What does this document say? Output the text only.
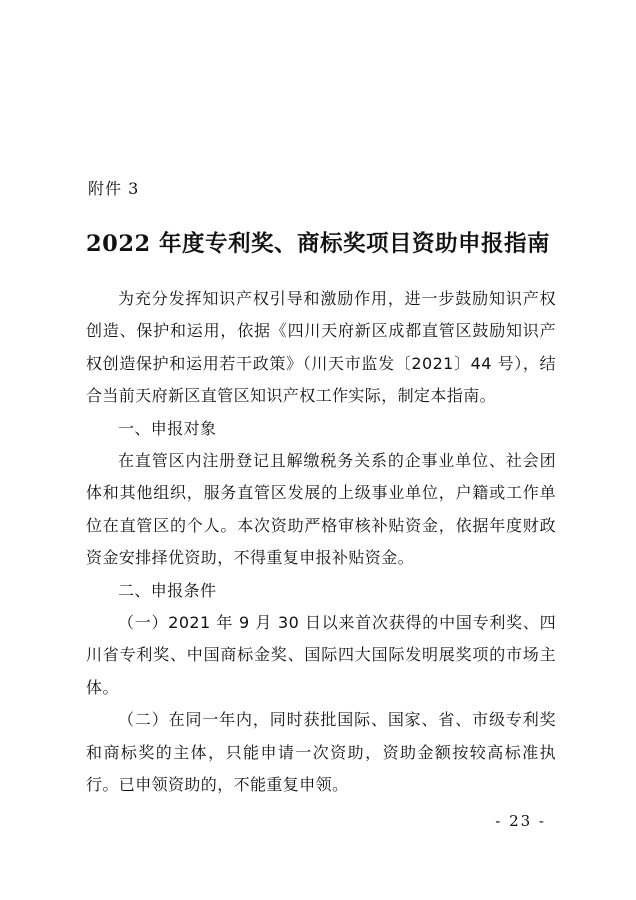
附件 3
2022 年度专利奖、商标奖项目资助申报指南

为充分发挥知识产权引导和激励作用，进一步鼓励知识产权创造、保护和运用，依据《四川天府新区成都直管区鼓励知识产权创造保护和运用若干政策》（川天市监发〔2021〕44 号），结合当前天府新区直管区知识产权工作实际，制定本指南。

一、申报对象

在直管区内注册登记且解缴税务关系的企事业单位、社会团体和其他组织，服务直管区发展的上级事业单位，户籍或工作单位在直管区的个人。本次资助严格审核补贴资金，依据年度财政资金安排择优资助，不得重复申报补贴资金。

二、申报条件

（一）2021 年 9 月 30 日以来首次获得的中国专利奖、四川省专利奖、中国商标金奖、国际四大国际发明展奖项的市场主体。

（二）在同一年内，同时获批国际、国家、省、市级专利奖和商标奖的主体，只能申请一次资助，资助金额按较高标准执行。已申领资助的，不能重复申领。

- 23 -
